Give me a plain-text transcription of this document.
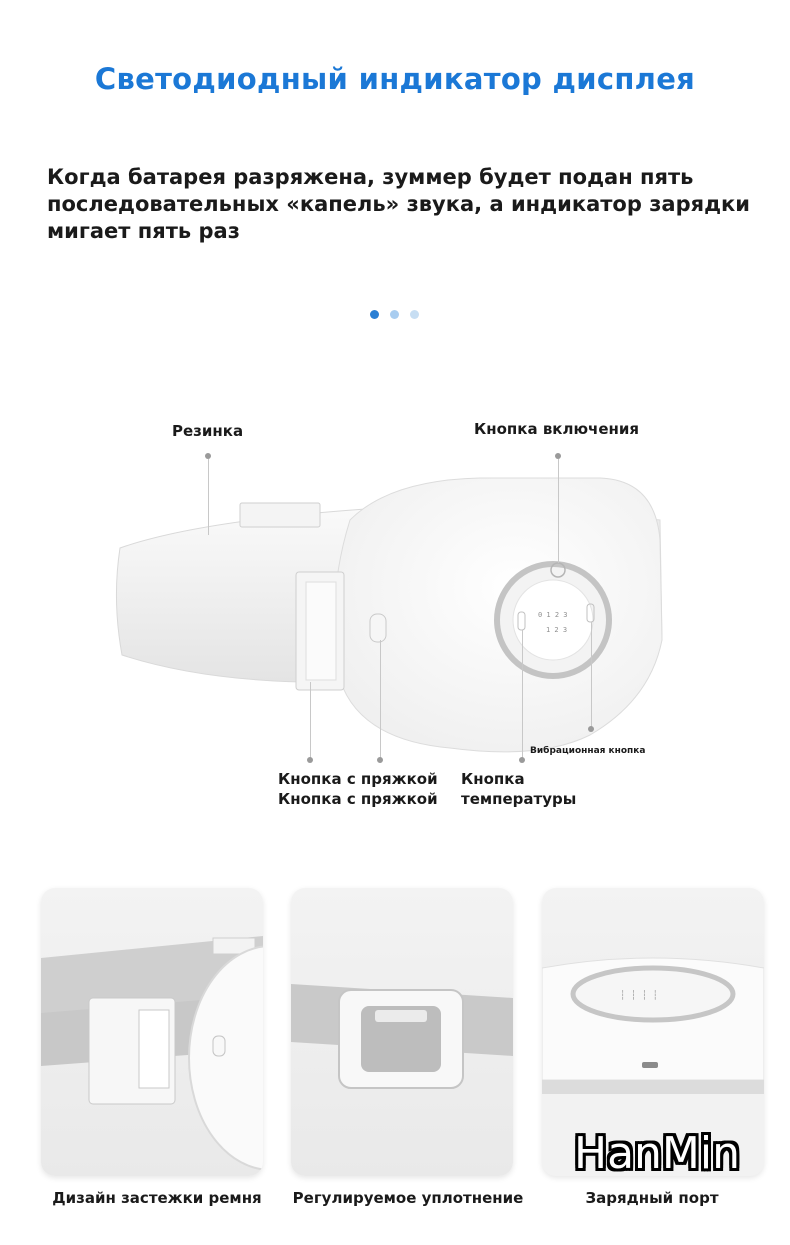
Светодиодный индикатор дисплея
Когда батарея разряжена, зуммер будет подан пять последовательных «капель» звука, а индикатор зарядки мигает пять раз
0 1 2 3
1 2 3
Резинка	Кнопка включения
Кнопка с пряжкой
Кнопка с пряжкой
Кнопка
температуры
Вибрационная кнопка
┆ ┆ ┆ ┆
Дизайн застежки ремня	Регулируемое уплотнение	Зарядный порт
HanMin
